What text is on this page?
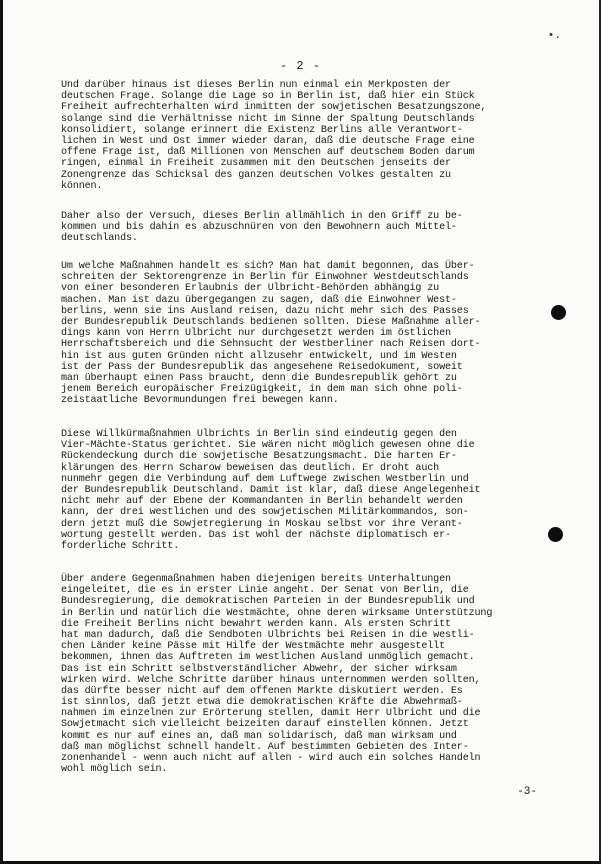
•.
- 2 -
Und darüber hinaus ist dieses Berlin nun einmal ein Merkposten der
deutschen Frage. Solange die Lage so in Berlin ist, daß hier ein Stück
Freiheit aufrechterhalten wird inmitten der sowjetischen Besatzungszone,
solange sind die Verhältnisse nicht im Sinne der Spaltung Deutschlands
konsolidiert, solange erinnert die Existenz Berlins alle Verantwort-
lichen in West und Ost immer wieder daran, daß die deutsche Frage eine
offene Frage ist, daß Millionen von Menschen auf deutschem Boden darum
ringen, einmal in Freiheit zusammen mit den Deutschen jenseits der
Zonengrenze das Schicksal des ganzen deutschen Volkes gestalten zu
können.
Daher also der Versuch, dieses Berlin allmählich in den Griff zu be-
kommen und bis dahin es abzuschnüren von den Bewohnern auch Mittel-
deutschlands.
Um welche Maßnahmen handelt es sich? Man hat damit begonnen, das Über-
schreiten der Sektorengrenze in Berlin für Einwohner Westdeutschlands
von einer besonderen Erlaubnis der Ulbricht-Behörden abhängig zu
machen. Man ist dazu übergegangen zu sagen, daß die Einwohner West-
berlins, wenn sie ins Ausland reisen, dazu nicht mehr sich des Passes
der Bundesrepublik Deutschlands bedienen sollten. Diese Maßnahme aller-
dings kann von Herrn Ulbricht nur durchgesetzt werden im östlichen
Herrschaftsbereich und die Sehnsucht der Westberliner nach Reisen dort-
hin ist aus guten Gründen nicht allzusehr entwickelt, und im Westen
ist der Pass der Bundesrepublik das angesehene Reisedokument, soweit
man überhaupt einen Pass braucht, denn die Bundesrepublik gehört zu
jenem Bereich europäischer Freizügigkeit, in dem man sich ohne poli-
zeistaatliche Bevormundungen frei bewegen kann.
Diese Willkürmaßnahmen Ulbrichts in Berlin sind eindeutig gegen den
Vier-Mächte-Status gerichtet. Sie wären nicht möglich gewesen ohne die
Rückendeckung durch die sowjetische Besatzungsmacht. Die harten Er-
klärungen des Herrn Scharow beweisen das deutlich. Er droht auch
nunmehr gegen die Verbindung auf dem Luftwege zwischen Westberlin und
der Bundesrepublik Deutschland. Damit ist klar, daß diese Angelegenheit
nicht mehr auf der Ebene der Kommandanten in Berlin behandelt werden
kann, der drei westlichen und des sowjetischen Militärkommandos, son-
dern jetzt muß die Sowjetregierung in Moskau selbst vor ihre Verant-
wortung gestellt werden. Das ist wohl der nächste diplomatisch er-
forderliche Schritt.
Über andere Gegenmaßnahmen haben diejenigen bereits Unterhaltungen
eingeleitet, die es in erster Linie angeht. Der Senat von Berlin, die
Bundesregierung, die demokratischen Parteien in der Bundesrepublik und
in Berlin und natürlich die Westmächte, ohne deren wirksame Unterstützung
die Freiheit Berlins nicht bewahrt werden kann. Als ersten Schritt
hat man dadurch, daß die Sendboten Ulbrichts bei Reisen in die westli-
chen Länder keine Pässe mit Hilfe der Westmächte mehr ausgestellt
bekommen, ihnen das Auftreten im westlichen Ausland unmöglich gemacht.
Das ist ein Schritt selbstverständlicher Abwehr, der sicher wirksam
wirken wird. Welche Schritte darüber hinaus unternommen werden sollten,
das dürfte besser nicht auf dem offenen Markte diskutiert werden. Es
ist sinnlos, daß jetzt etwa die demokratischen Kräfte die Abwehrmaß-
nahmen im einzelnen zur Erörterung stellen, damit Herr Ulbricht und die
Sowjetmacht sich vielleicht beizeiten darauf einstellen können. Jetzt
kommt es nur auf eines an, daß man solidarisch, daß man wirksam und
daß man möglichst schnell handelt. Auf bestimmten Gebieten des Inter-
zonenhandel - wenn auch nicht auf allen - wird auch ein solches Handeln
wohl möglich sein.
-3-
